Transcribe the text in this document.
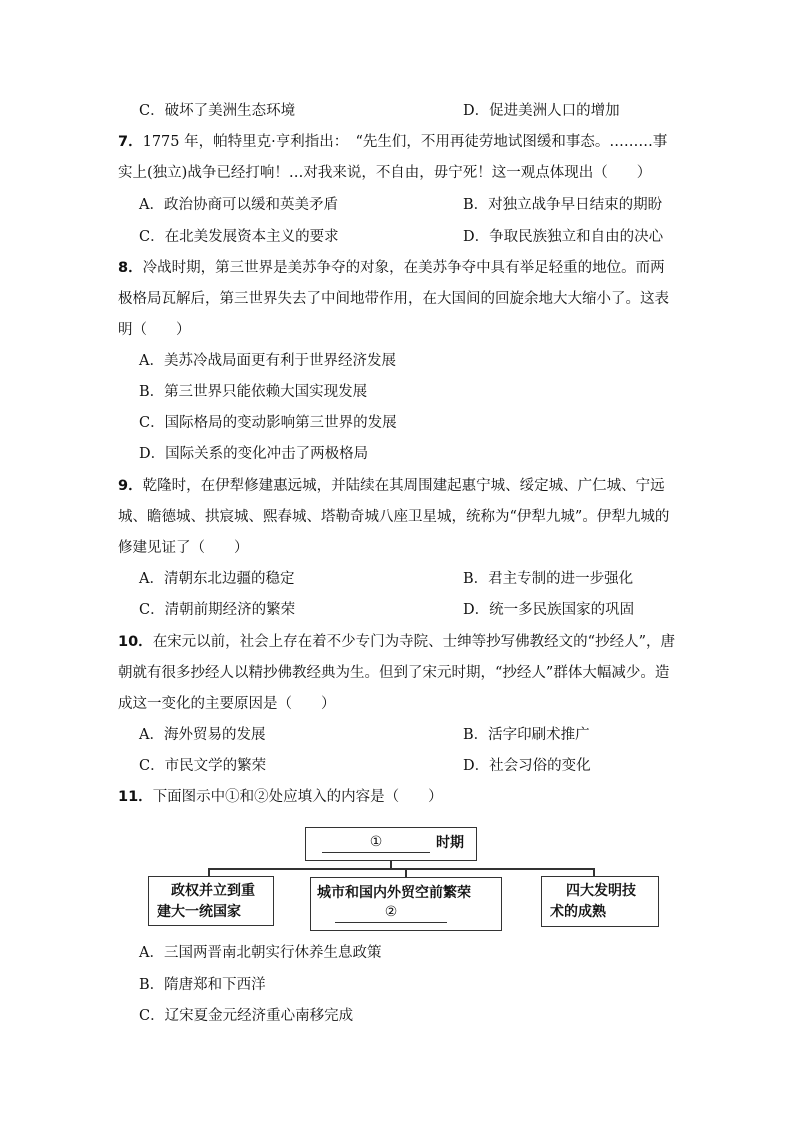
C．破坏了美洲生态环境	D．促进美洲人口的增加
7．1775 年，帕特里克·亨利指出：　“先生们，不用再徒劳地试图缓和事态。………事
实上(独立)战争已经打响！…对我来说，不自由，毋宁死！这一观点体现出（　　）
A．政治协商可以缓和英美矛盾	B．对独立战争早日结束的期盼
C．在北美发展资本主义的要求	D．争取民族独立和自由的决心
8．冷战时期，第三世界是美苏争夺的对象，在美苏争夺中具有举足轻重的地位。而两
极格局瓦解后，第三世界失去了中间地带作用，在大国间的回旋余地大大缩小了。这表
明（　　）
A．美苏冷战局面更有利于世界经济发展
B．第三世界只能依赖大国实现发展
C．国际格局的变动影响第三世界的发展
D．国际关系的变化冲击了两极格局
9．乾隆时，在伊犁修建惠远城，并陆续在其周围建起惠宁城、绥定城、广仁城、宁远
城、瞻德城、拱宸城、熙春城、塔勒奇城八座卫星城，统称为“伊犁九城”。伊犁九城的
修建见证了（　　）
A．清朝东北边疆的稳定	B．君主专制的进一步强化
C．清朝前期经济的繁荣	D．统一多民族国家的巩固
10．在宋元以前，社会上存在着不少专门为寺院、士绅等抄写佛教经文的“抄经人”，唐
朝就有很多抄经人以精抄佛教经典为生。但到了宋元时期，“抄经人”群体大幅减少。造
成这一变化的主要原因是（　　）
A．海外贸易的发展	B．活字印刷术推广
C．市民文学的繁荣	D．社会习俗的变化
11．下面图示中①和②处应填入的内容是（　　）
①	时期
政权并立到重
建大一统国家
城市和国内外贸空前繁荣
②
四大发明技
术的成熟
A．三国两晋南北朝实行休养生息政策
B．隋唐郑和下西洋
C．辽宋夏金元经济重心南移完成
